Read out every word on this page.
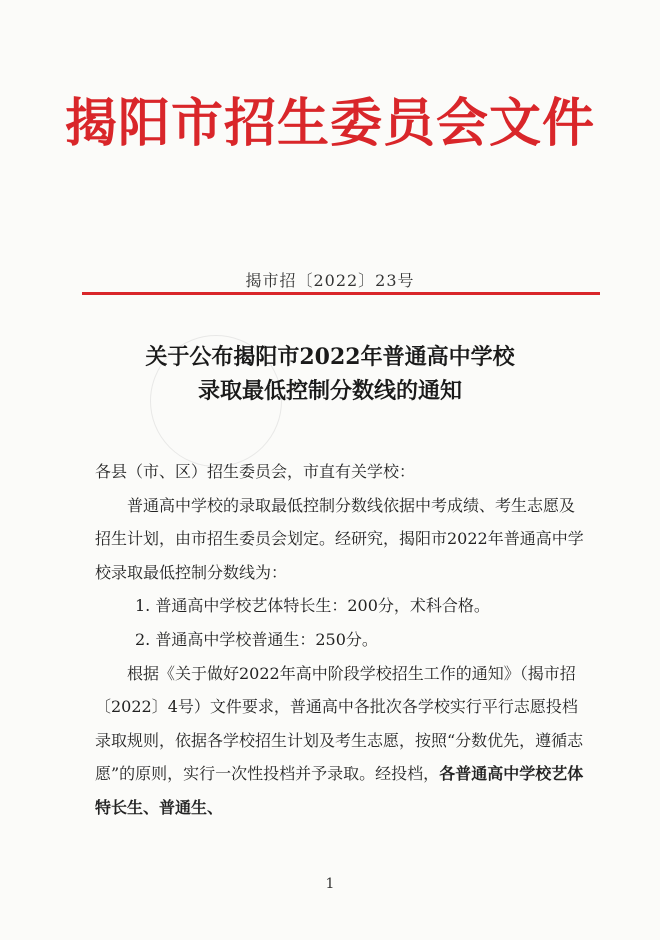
揭阳市招生委员会文件
揭市招〔2022〕23号
关于公布揭阳市2022年普通高中学校
录取最低控制分数线的通知

各县（市、区）招生委员会，市直有关学校：

普通高中学校的录取最低控制分数线依据中考成绩、考生志愿及招生计划，由市招生委员会划定。经研究，揭阳市2022年普通高中学校录取最低控制分数线为：

1. 普通高中学校艺体特长生：200分，术科合格。

2. 普通高中学校普通生：250分。

根据《关于做好2022年高中阶段学校招生工作的通知》（揭市招〔2022〕4号）文件要求，普通高中各批次各学校实行平行志愿投档录取规则，依据各学校招生计划及考生志愿，按照“分数优先，遵循志愿”的原则，实行一次性投档并予录取。经投档，各普通高中学校艺体特长生、普通生、

1
